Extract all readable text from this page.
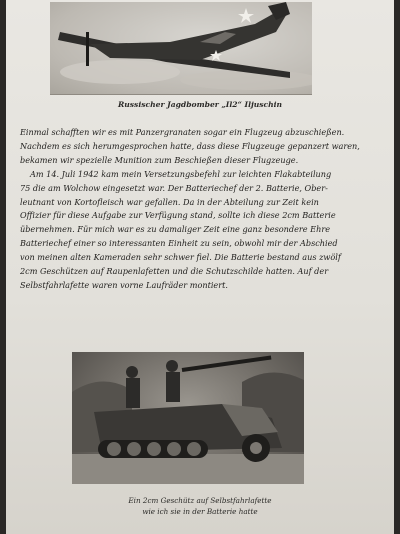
Russischer Jagdbomber „Il2“ Iljuschin
Einmal schafften wir es mit Panzergranaten sogar ein Flugzeug abzuschießen.
Nachdem es sich herumgesprochen hatte, dass diese Flugzeuge gepanzert waren,
bekamen wir spezielle Munition zum Beschießen dieser Flugzeuge.
Am 14. Juli 1942 kam mein Versetzungsbefehl zur leichten Flakabteilung
75 die am Wolchow eingesetzt war. Der Batteriechef der 2. Batterie, Ober-
leutnant von Kortofleisch war gefallen. Da in der Abteilung zur Zeit kein
Offizier für diese Aufgabe zur Verfügung stand, sollte ich diese 2cm Batterie
übernehmen. Für mich war es zu damaliger Zeit eine ganz besondere Ehre
Batteriechef einer so interessanten Einheit zu sein, obwohl mir der Abschied
von meinen alten Kameraden sehr schwer fiel. Die Batterie bestand aus zwölf
2cm Geschützen auf Raupenlafetten und die Schutzschilde hatten. Auf der
Selbstfahrlafette waren vorne Laufräder montiert.
Ein 2cm Geschütz auf Selbstfahrlafette
wie ich sie in der Batterie hatte
